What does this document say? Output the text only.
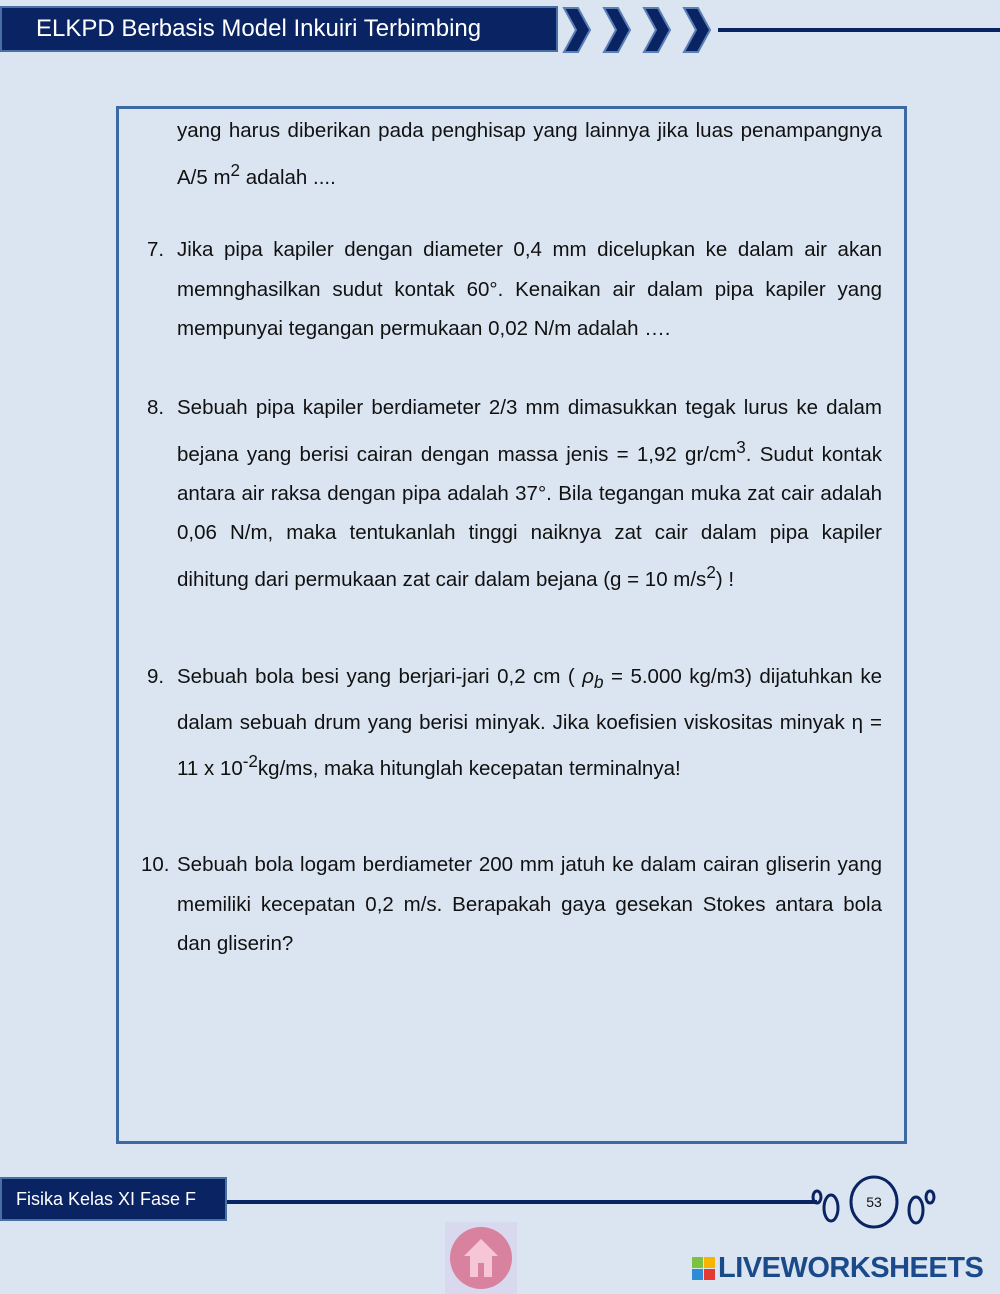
ELKPD Berbasis Model Inkuiri Terbimbing
yang harus diberikan pada penghisap yang lainnya jika luas penampangnya A/5 $m^2$ adalah ....
7. Jika pipa kapiler dengan diameter 0,4 mm dicelupkan ke dalam air akan memnghasilkan sudut kontak 60°. Kenaikan air dalam pipa kapiler yang mempunyai tegangan permukaan 0,02 N/m adalah ….
8. Sebuah pipa kapiler berdiameter 2/3 mm dimasukkan tegak lurus ke dalam bejana yang berisi cairan dengan massa jenis = 1,92 $gr/cm^3$. Sudut kontak antara air raksa dengan pipa adalah 37°. Bila tegangan muka zat cair adalah 0,06 N/m, maka tentukanlah tinggi naiknya zat cair dalam pipa kapiler dihitung dari permukaan zat cair dalam bejana (g = 10 $m/s^2$) !
9. Sebuah bola besi yang berjari-jari 0,2 cm ( $\rho_b = 5.000$ kg/m3) dijatuhkan ke dalam sebuah drum yang berisi minyak. Jika koefisien viskositas minyak η = 11 x $10^{-2}kg/ms$, maka hitunglah kecepatan terminalnya!
10. Sebuah bola logam berdiameter 200 mm jatuh ke dalam cairan gliserin yang memiliki kecepatan 0,2 m/s. Berapakah gaya gesekan Stokes antara bola dan gliserin?
Fisika Kelas XI Fase F	53
LIVEWORKSHEETS
